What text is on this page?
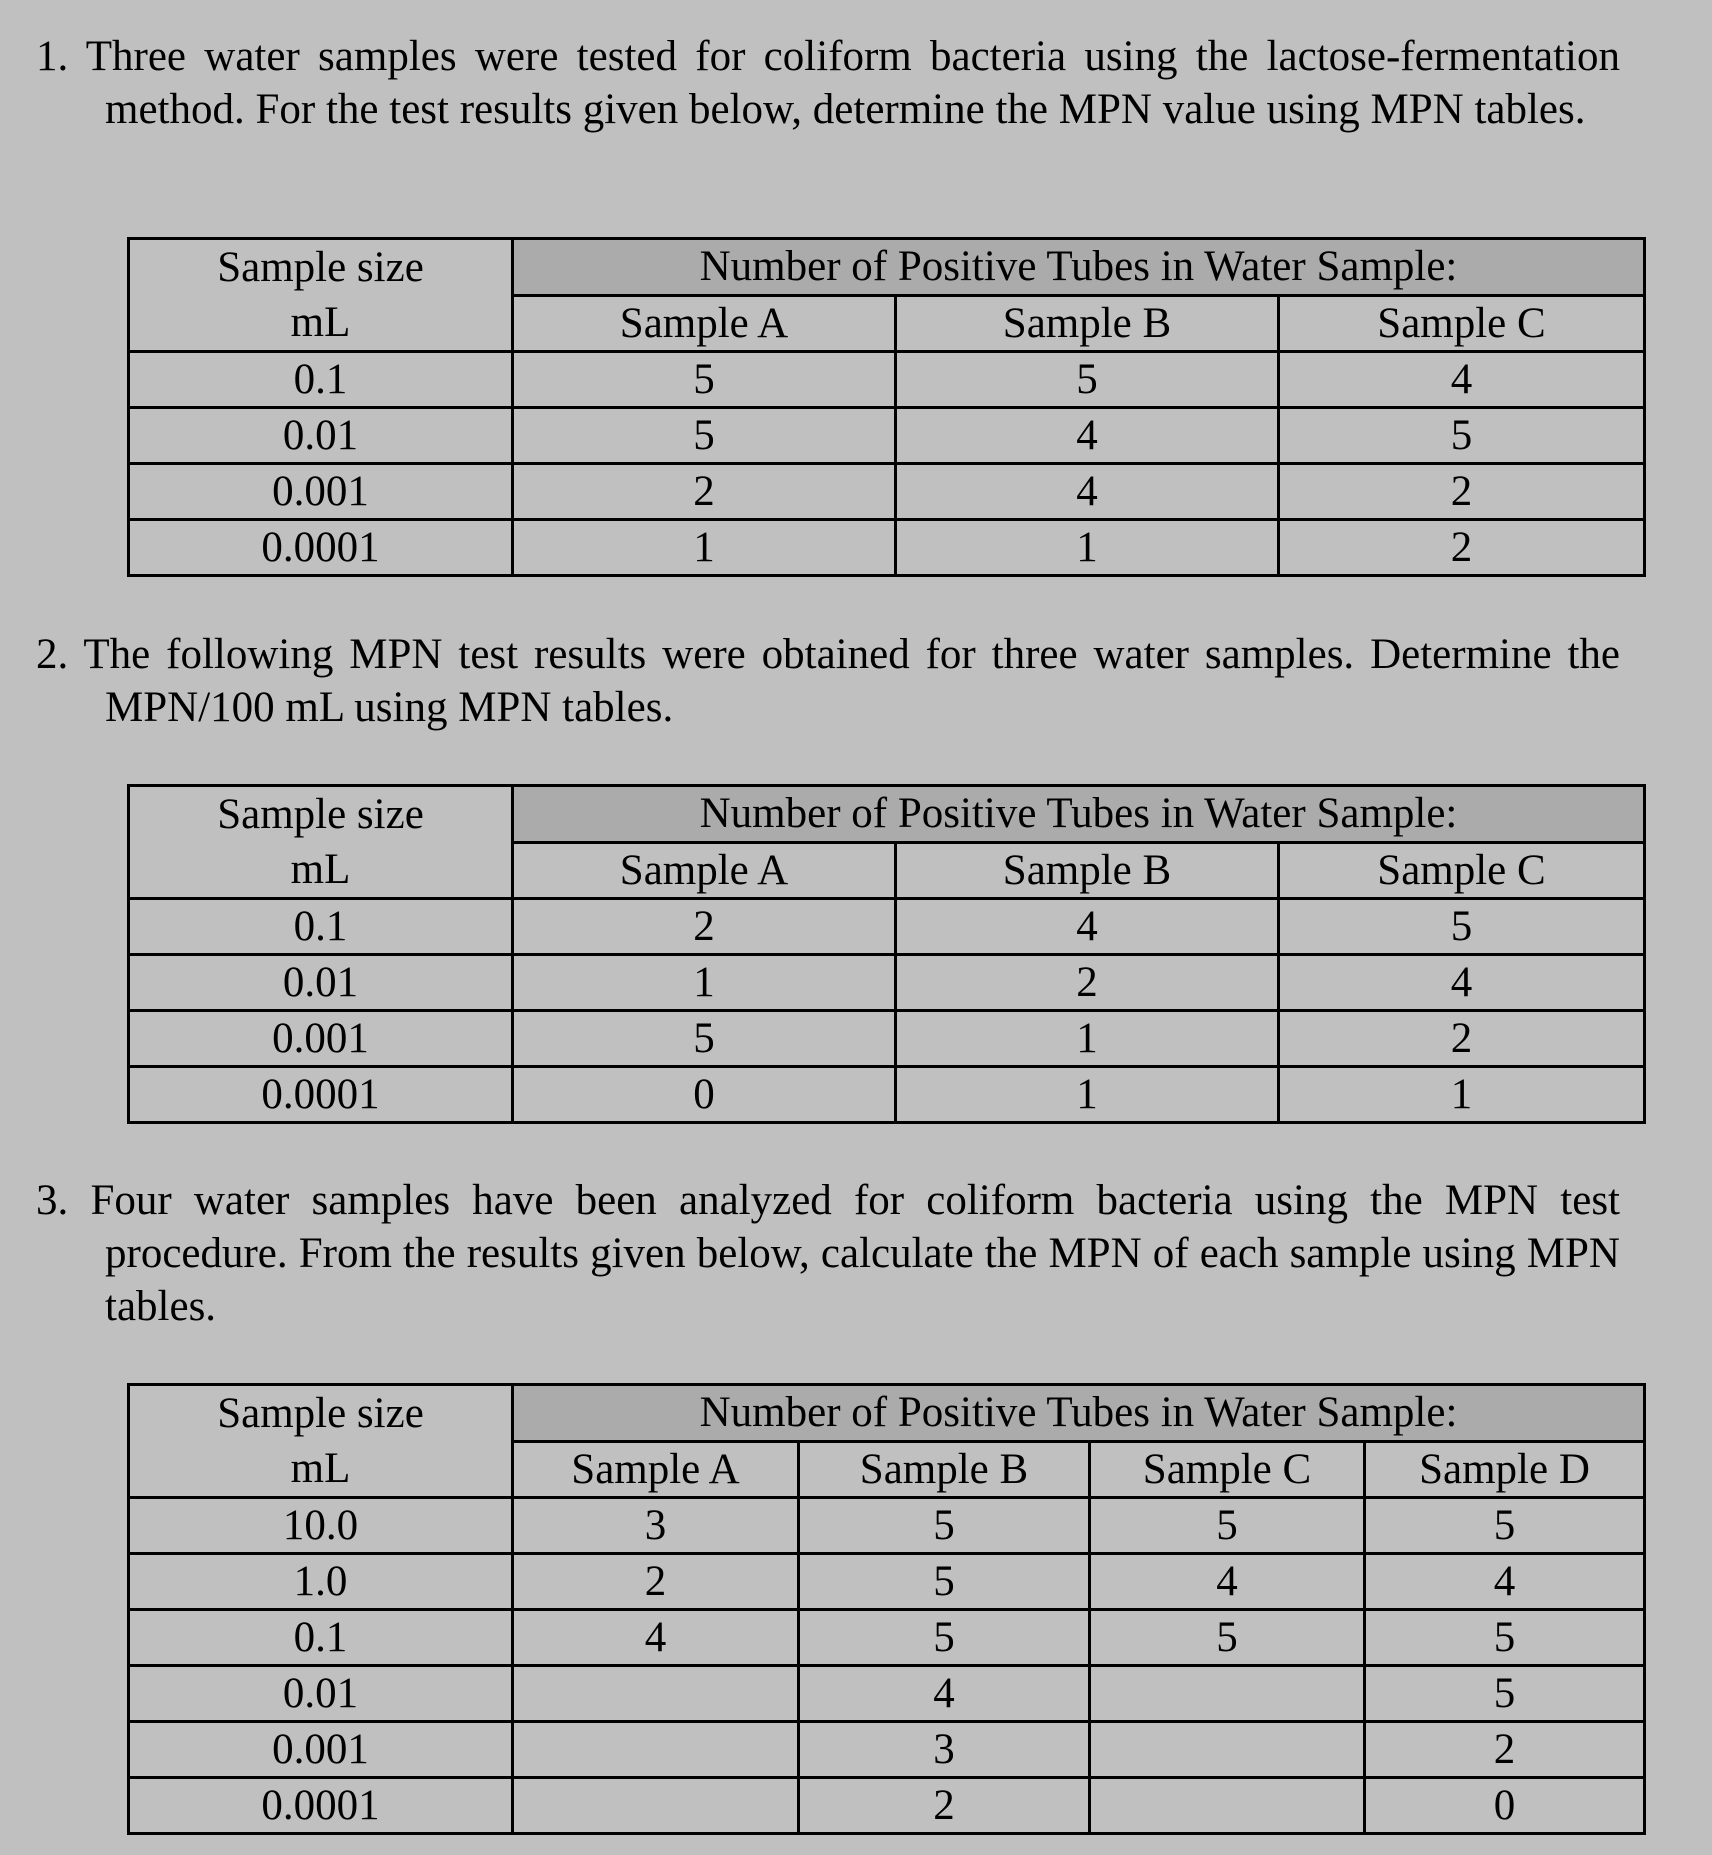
1. Three water samples were tested for coliform bacteria using the lactose-fermentation method. For the test results given below, determine the MPN value using MPN tables.

Sample size
mL	Number of Positive Tubes in Water Sample:		
	Sample A	Sample B	Sample C
0.1	5	5	4
0.01	5	4	5
0.001	2	4	2
0.0001	1	1	2

2. The following MPN test results were obtained for three water samples. Determine the MPN/100 mL using MPN tables.

Sample size
mL	Number of Positive Tubes in Water Sample:		
	Sample A	Sample B	Sample C
0.1	2	4	5
0.01	1	2	4
0.001	5	1	2
0.0001	0	1	1

3. Four water samples have been analyzed for coliform bacteria using the MPN test procedure. From the results given below, calculate the MPN of each sample using MPN tables.

Sample size
mL	Number of Positive Tubes in Water Sample:			
	Sample A	Sample B	Sample C	Sample D
10.0	3	5	5	5
1.0	2	5	4	4
0.1	4	5	5	5
0.01		4		5
0.001		3		2
0.0001		2		0
